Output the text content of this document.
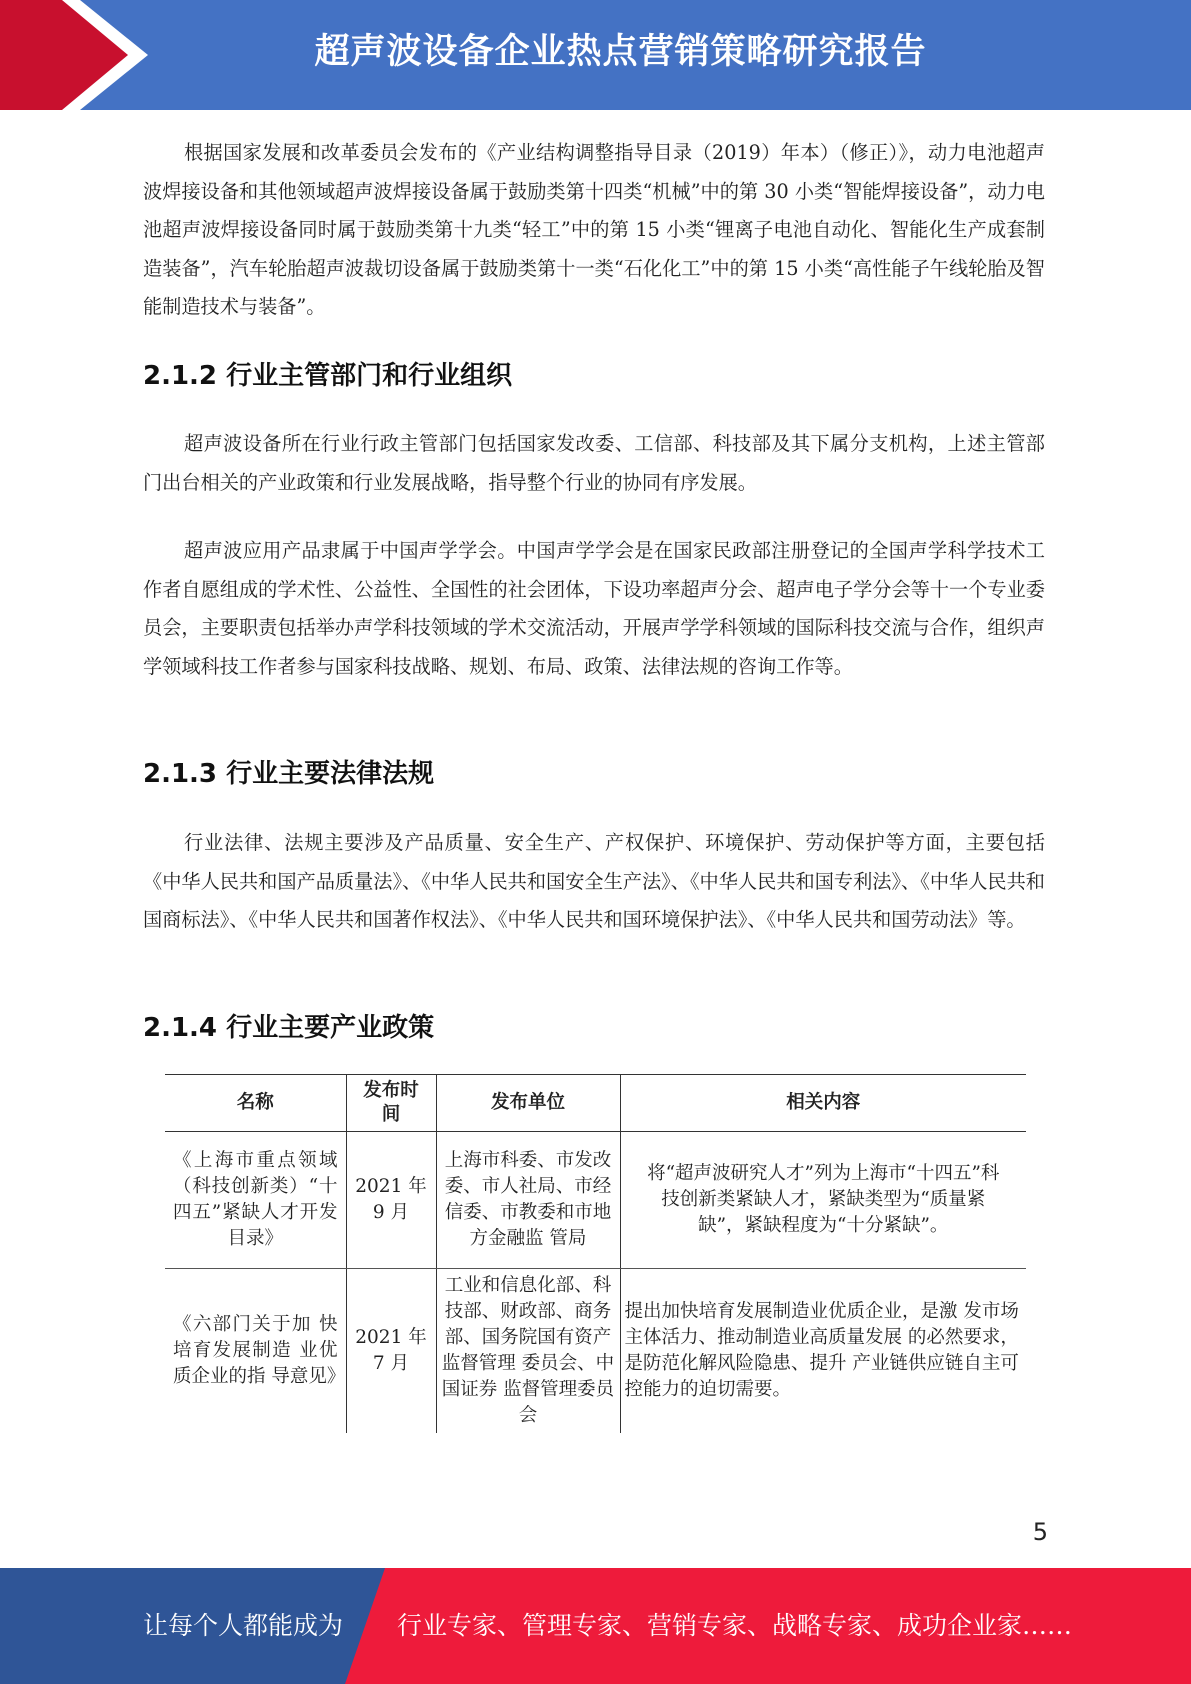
超声波设备企业热点营销策略研究报告

根据国家发展和改革委员会发布的《产业结构调整指导目录（2019）年本）（修正）》，动力电池超声波焊接设备和其他领域超声波焊接设备属于鼓励类第十四类“机械”中的第 30 小类“智能焊接设备”，动力电池超声波焊接设备同时属于鼓励类第十九类“轻工”中的第 15 小类“锂离子电池自动化、智能化生产成套制造装备”，汽车轮胎超声波裁切设备属于鼓励类第十一类“石化化工”中的第 15 小类“高性能子午线轮胎及智能制造技术与装备”。

2.1.2 行业主管部门和行业组织

超声波设备所在行业行政主管部门包括国家发改委、工信部、科技部及其下属分支机构，上述主管部门出台相关的产业政策和行业发展战略，指导整个行业的协同有序发展。

超声波应用产品隶属于中国声学学会。中国声学学会是在国家民政部注册登记的全国声学科学技术工作者自愿组成的学术性、公益性、全国性的社会团体，下设功率超声分会、超声电子学分会等十一个专业委员会，主要职责包括举办声学科技领域的学术交流活动，开展声学学科领域的国际科技交流与合作，组织声学领域科技工作者参与国家科技战略、规划、布局、政策、法律法规的咨询工作等。

2.1.3 行业主要法律法规

行业法律、法规主要涉及产品质量、安全生产、产权保护、环境保护、劳动保护等方面，主要包括《中华人民共和国产品质量法》、《中华人民共和国安全生产法》、《中华人民共和国专利法》、《中华人民共和国商标法》、《中华人民共和国著作权法》、《中华人民共和国环境保护法》、《中华人民共和国劳动法》等。

2.1.4 行业主要产业政策
名称	发布时间	发布单位	相关内容
《上海市重点领域（科技创新类）“十四五”紧缺人才开发目录》	2021 年 9 月	上海市科委、市发改委、市人社局、市经信委、市教委和市地方金融监 管局	将“超声波研究人才”列为上海市“十四五”科技创新类紧缺人才，紧缺类型为“质量紧缺”，紧缺程度为“十分紧缺”。
《六部门关于加 快培育发展制造 业优质企业的指 导意见》	2021 年 7 月	工业和信息化部、科技部、财政部、商务部、国务院国有资产监督管理 委员会、中国证券 监督管理委员会	提出加快培育发展制造业优质企业，是激 发市场主体活力、推动制造业高质量发展 的必然要求，是防范化解风险隐患、提升 产业链供应链自主可控能力的迫切需要。
5
让每个人都能成为 行业专家、管理专家、营销专家、战略专家、成功企业家……
